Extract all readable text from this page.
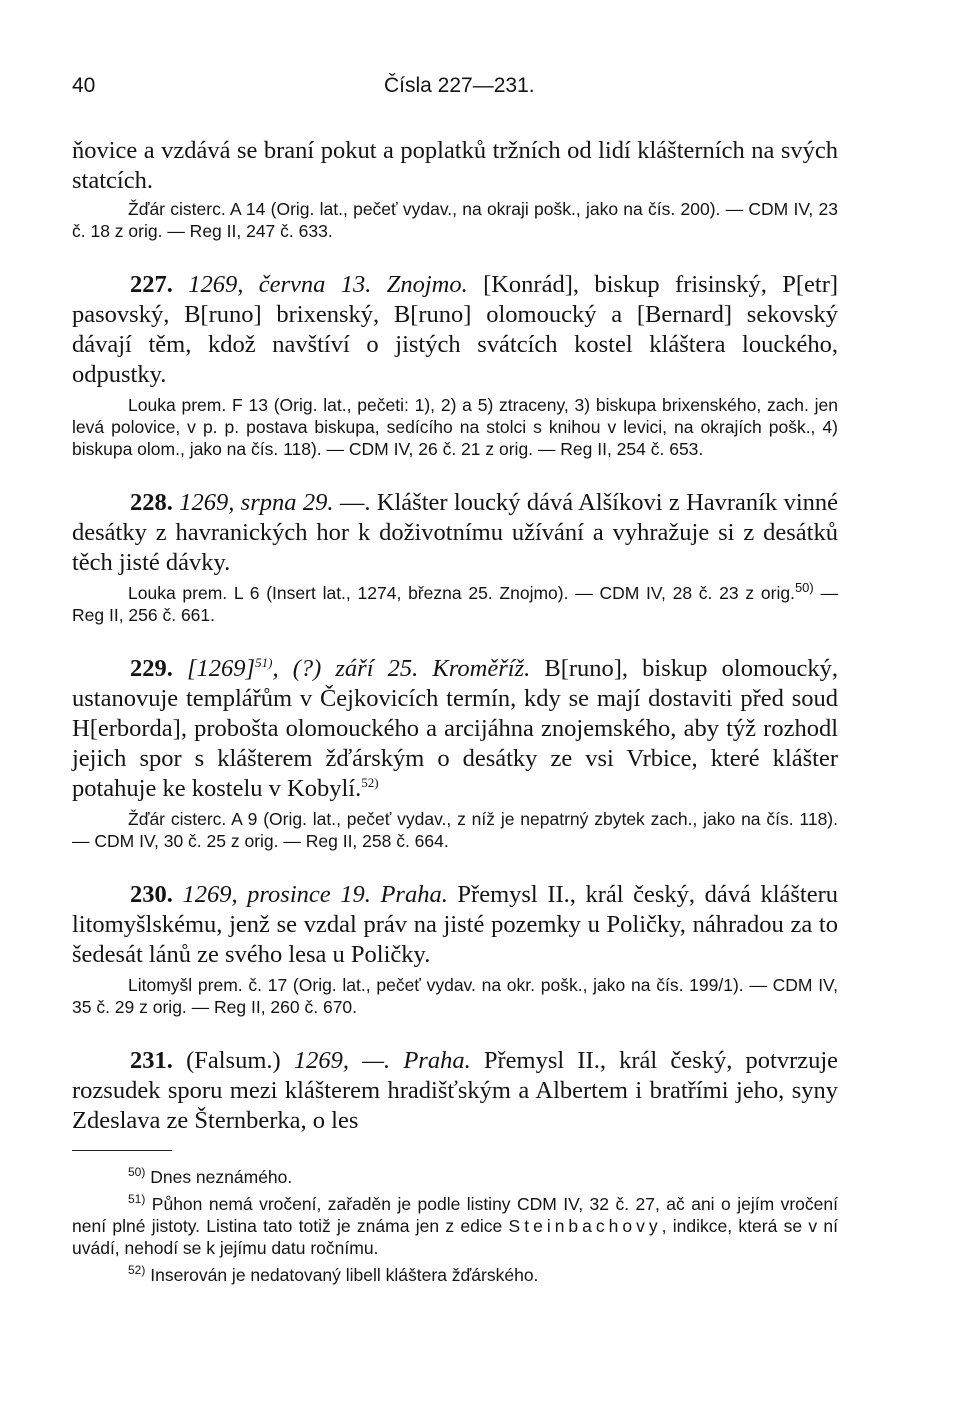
40	Čísla 227—231.

ňovice a vzdává se braní pokut a poplatků tržních od lidí klášterních na svých statcích.

Žďár cisterc. A 14 (Orig. lat., pečeť vydav., na okraji pošk., jako na čís. 200). — CDM IV, 23 č. 18 z orig. — Reg II, 247 č. 633.

227. 1269, června 13. Znojmo. [Konrád], biskup frisinský, P[etr] pasovský, B[runo] brixenský, B[runo] olomoucký a [Bernard] sekovský dávají těm, kdož navštíví o jistých svátcích kostel kláštera louckého, odpustky.

Louka prem. F 13 (Orig. lat., pečeti: 1), 2) a 5) ztraceny, 3) biskupa brixenského, zach. jen levá polovice, v p. p. postava biskupa, sedícího na stolci s knihou v levici, na okrajích pošk., 4) biskupa olom., jako na čís. 118). — CDM IV, 26 č. 21 z orig. — Reg II, 254 č. 653.

228. 1269, srpna 29. —. Klášter loucký dává Alšíkovi z Havraník vinné desátky z havranických hor k doživotnímu užívání a vyhražuje si z desátků těch jisté dávky.

Louka prem. L 6 (Insert lat., 1274, března 25. Znojmo). — CDM IV, 28 č. 23 z orig.$^{50)}$ — Reg II, 256 č. 661.

229. [1269]$^{51)}$, (?) září 25. Kroměříž. B[runo], biskup olomoucký, ustanovuje templářům v Čejkovicích termín, kdy se mají dostaviti před soud H[erborda], proboštа olomouckého a arcijáhna znojemského, aby týž rozhodl jejich spor s klášterem žďárským o desátky ze vsi Vrbice, které klášter potahuje ke kostelu v Kobylí.$^{52)}$

Žďár cisterc. A 9 (Orig. lat., pečeť vydav., z níž je nepatrný zbytek zach., jako na čís. 118). — CDM IV, 30 č. 25 z orig. — Reg II, 258 č. 664.

230. 1269, prosince 19. Praha. Přemysl II., král český, dává klášteru litomyšlskému, jenž se vzdal práv na jisté pozemky u Poličky, náhradou za to šedesát lánů ze svého lesa u Poličky.

Litomyšl prem. č. 17 (Orig. lat., pečeť vydav. na okr. pošk., jako na čís. 199/1). — CDM IV, 35 č. 29 z orig. — Reg II, 260 č. 670.

231. (Falsum.) 1269, —. Praha. Přemysl II., král český, potvrzuje rozsudek sporu mezi klášterem hradišťským a Albertem i bratřími jeho, syny Zdeslava ze Šternberka, o les

$^{50)}$ Dnes neznámého.

$^{51)}$ Půhon nemá vročení, zařaděn je podle listiny CDM IV, 32 č. 27, ač ani o jejím vročení není plné jistoty. Listina tato totiž je známa jen z edice Steinbachovy, indikce, která se v ní uvádí, nehodí se k jejímu datu ročnímu.

$^{52)}$ Inserován je nedatovaný libell kláštera žďárského.
